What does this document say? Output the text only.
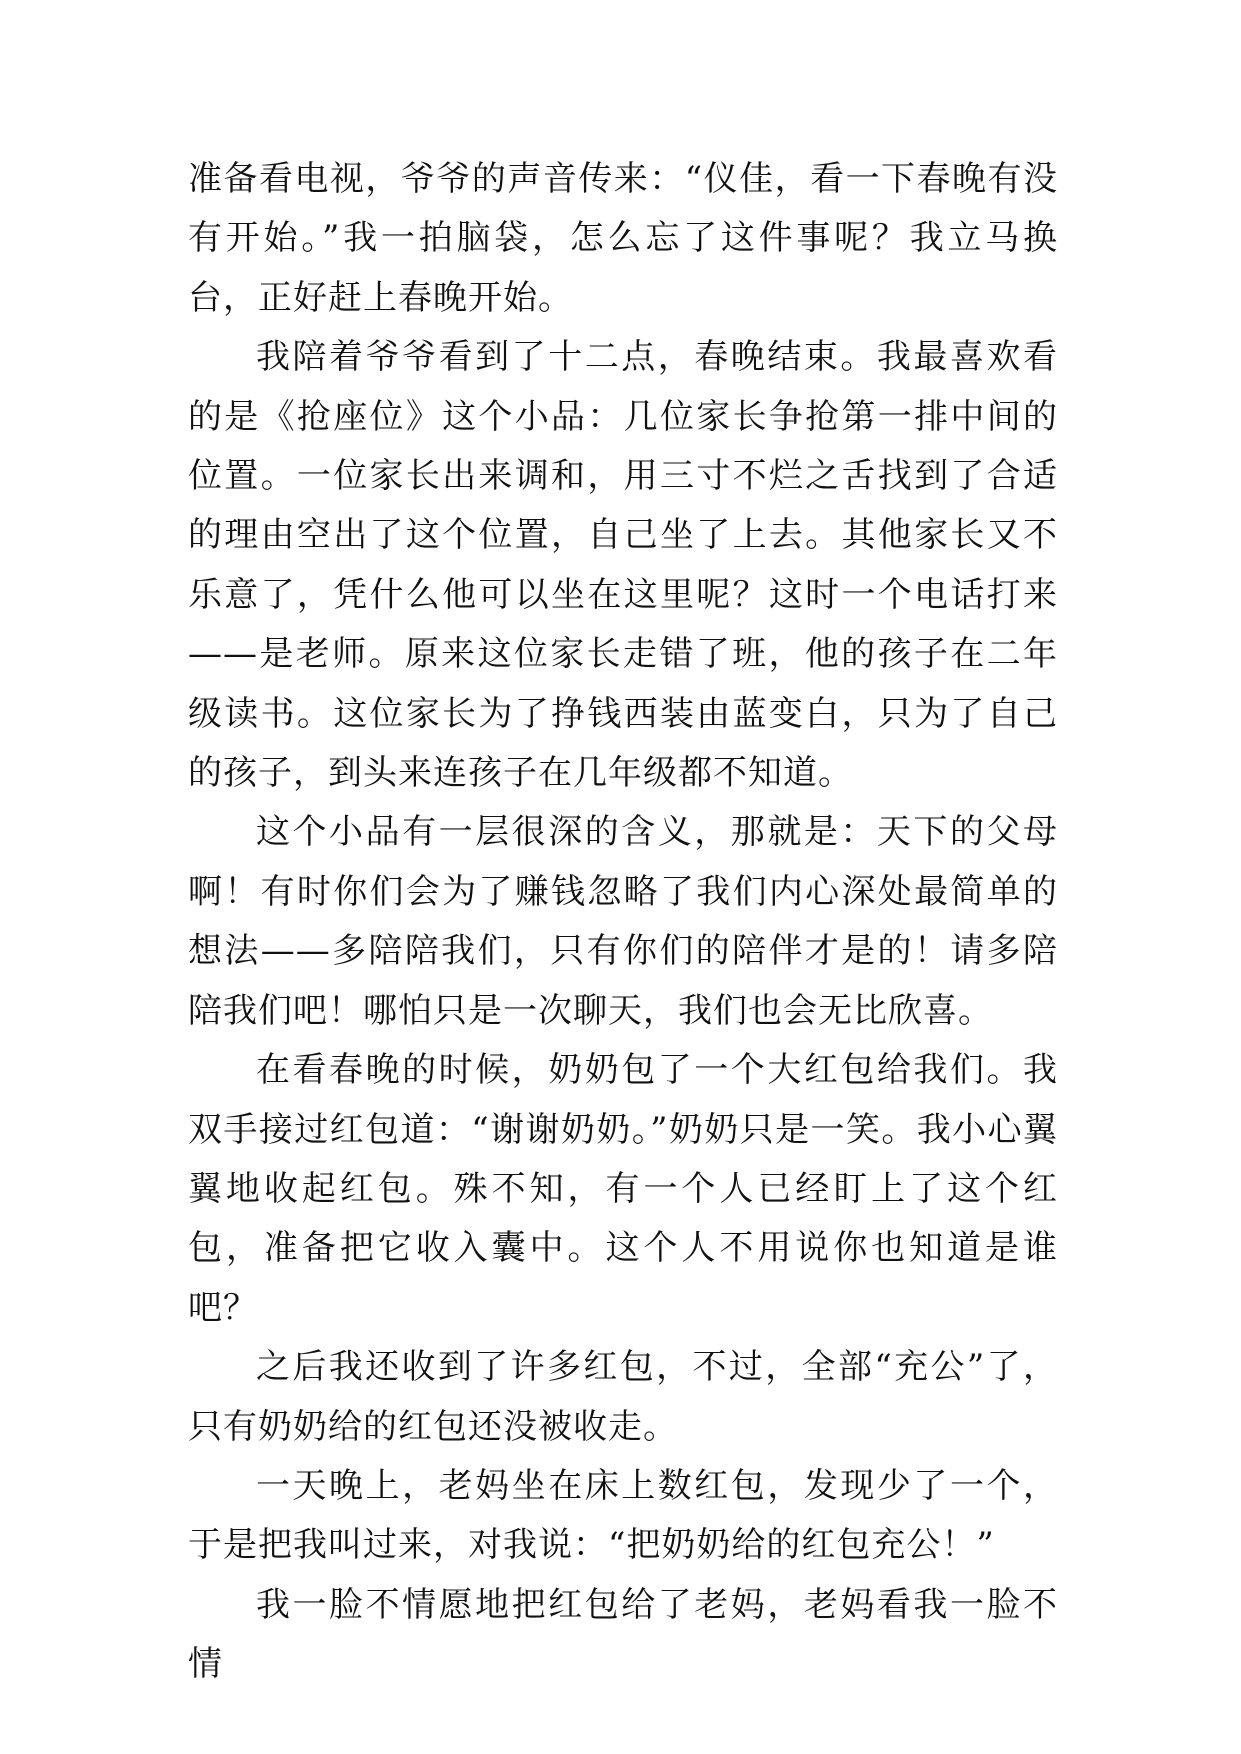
准备看电视，爷爷的声音传来：“仪佳，看一下春晚有没有开始。”我一拍脑袋，怎么忘了这件事呢？我立马换台，正好赶上春晚开始。

我陪着爷爷看到了十二点，春晚结束。我最喜欢看的是《抢座位》这个小品：几位家长争抢第一排中间的位置。一位家长出来调和，用三寸不烂之舌找到了合适的理由空出了这个位置，自己坐了上去。其他家长又不乐意了，凭什么他可以坐在这里呢？这时一个电话打来——是老师。原来这位家长走错了班，他的孩子在二年级读书。这位家长为了挣钱西装由蓝变白，只为了自己的孩子，到头来连孩子在几年级都不知道。

这个小品有一层很深的含义，那就是：天下的父母啊！有时你们会为了赚钱忽略了我们内心深处最简单的想法——多陪陪我们，只有你们的陪伴才是的！请多陪陪我们吧！哪怕只是一次聊天，我们也会无比欣喜。

在看春晚的时候，奶奶包了一个大红包给我们。我双手接过红包道：“谢谢奶奶。”奶奶只是一笑。我小心翼翼地收起红包。殊不知，有一个人已经盯上了这个红包，准备把它收入囊中。这个人不用说你也知道是谁吧？

之后我还收到了许多红包，不过，全部“充公”了，只有奶奶给的红包还没被收走。

一天晚上，老妈坐在床上数红包，发现少了一个，于是把我叫过来，对我说：“把奶奶给的红包充公！”

我一脸不情愿地把红包给了老妈，老妈看我一脸不情
